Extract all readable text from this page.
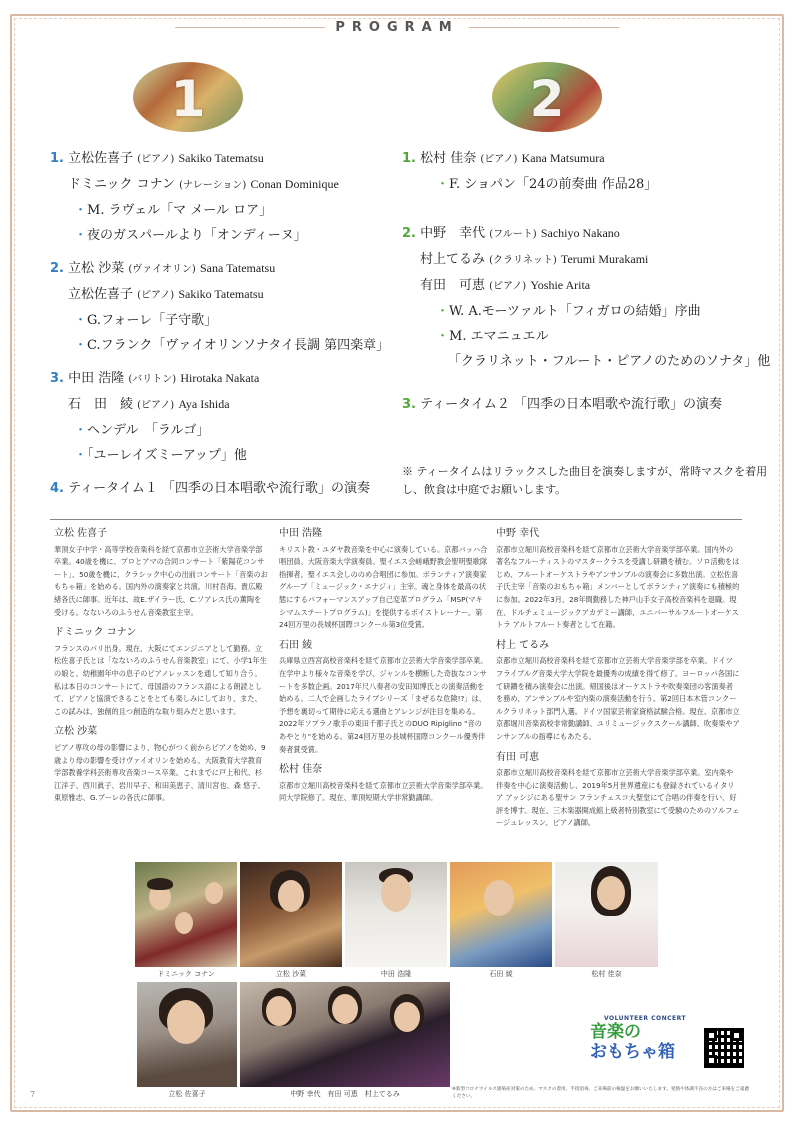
PROGRAM
1	2
1. 立松佐喜子 (ピアノ) Sakiko Tatematsu
ドミニック コナン (ナレーション) Conan Dominique
・M. ラヴェル「マ メール ロア」
・夜のガスパールより「オンディーヌ」
2. 立松 沙菜 (ヴァイオリン) Sana Tatematsu
立松佐喜子 (ピアノ) Sakiko Tatematsu
・G.フォーレ「子守歌」
・C.フランク「ヴァイオリンソナタイ長調 第四楽章」
3. 中田 浩隆 (バリトン) Hirotaka Nakata
石　田　綾 (ピアノ) Aya Ishida
・ヘンデル　「ラルゴ」
・「ユーレイズミーアップ」他
4. ティータイム１ 「四季の日本唱歌や流行歌」の演奏
1. 松村 佳奈 (ピアノ) Kana Matsumura
・F. ショパン「24の前奏曲 作品28」
2. 中野　幸代 (フルート) Sachiyo Nakano
村上てるみ (クラリネット) Terumi Murakami
有田　可恵 (ピアノ) Yoshie Arita
・W. A.モーツァルト「フィガロの結婚」序曲
・M. エマニュエル
「クラリネット・フルート・ピアノのためのソナタ」他
3. ティータイム２ 「四季の日本唱歌や流行歌」の演奏
※ ティータイムはリラックスした曲目を演奏しますが、常時マスクを着用し、飲食は中庭でお願いします。
立松 佐喜子

華頂女子中学・高等学校音楽科を経て京都市立芸術大学音楽学部卒業。40歳を機に、プロとアマの合同コンサート「紫陽花コンサート」、50歳を機に、クラシック中心の出前コンサート「音楽のおもちゃ箱」を始める。国内外の演奏家と共演。川村吾海、貴広殿緒各氏に師事。近年は、故E.ザイラー氏、C.ソアレス氏の薫陶を受ける。なないろのふうせん音楽教室主宰。

ドミニック コナン

フランスのパリ出身。現在、大阪にてエンジニアとして勤務。立松佐喜子氏とは「なないろのふうせん音楽教室」にて、小学1年生の娘と、幼稚園年中の息子のピアノレッスンを通して知り合う。私は本日のコンサートにて、母国語のフランス語による朗読として、ピアノと協演できることをとても楽しみにしており、また、この試みは、独創的且つ創造的な取り組みだと思います。

立松 沙菜

ピアノ専攻の母の影響により、物心がつく前からピアノを始め、9歳より母の影響を受けヴァイオリンを始める。大阪教育大学教育学部教養学科芸術専攻音楽コース卒業。これまでに戸上和代、杉江洋子、西川眞子、岩川早子、和田美恵子、清川宮也、森 悠子、東原雅志、G.ブーレの各氏に師事。

中田 浩隆

キリスト教・ユダヤ教音楽を中心に演奏している。京都バッハ合唱団員、大阪音楽大学演奏員、聖イエス会嵯峨野教会聖明聖歌隊指揮者。聖イエス会しののめ合唱団に参加。ボランティア演奏家グループ「ミュージック・エナジィ」主宰。魂と身体を最高の状態にするパフォーマンスアップ自己変革プログラム「MSP(マキシマムステートプログラム)」を提供するボイストレーナー。第24回万里の長城杯国際コンクール第3位受賞。

石田 綾

兵庫県立西宮高校音楽科を経て京都市立芸術大学音楽学部卒業。在学中より様々な音楽を学び、ジャンルを横断した奇抜なコンサートを多数企画。2017年尺八奏者の安田知博氏との演奏活動を始める。二人で企画したライブシリーズ「まぜるな危険!?」は、予想を裏切って期待に応える選曲とアレンジが注目を集める。2022年ソプラノ歌手の東田千都子氏とのDUO Ripiglino "音のあやとり"を始める。第24回万里の長城杯国際コンクール優秀伴奏者賞受賞。

松村 佳奈

京都市立堀川高校音楽科を経て京都市立芸術大学音楽学部卒業。同大学院修了。現在、華頂短期大学非常勤講師。

中野 幸代

京都市立堀川高校音楽科を経て京都市立芸術大学音楽学部卒業。国内外の著名なフルーティストのマスタークラスを受講し研鑽を積む。ソロ活動をはじめ、フルートオーケストラやアンサンブルの演奏会に多数出演。立松佐喜子氏主宰「音楽のおもちゃ箱」メンバーとしてボランティア演奏にも積極的に参加。2022年3月、28年間勤務した神戸山手女子高校音楽科を退職。現在、ドルチェミュージックアカデミー講師、ユニバーサルフルートオーケストラ アルトフルート奏者として在籍。

村上 てるみ

京都市立堀川高校音楽科を経て京都市立芸術大学音楽学部を卒業。ドイツ フライブルグ音楽大学大学院を最優秀の成績を得て修了。ヨーロッパ各国にて研鑽を積み演奏会に出演。帰国後はオーケストラや吹奏楽団の客演奏者を務め、アンサンブルや室内楽の演奏活動を行う。第2回日本木管コンクールクラリネット部門入選。ドイツ国家芸術家資格試験合格。現在、京都市立京都堀川音楽高校非常勤講師、ユリミュージックスクール講師、吹奏楽やアンサンブルの指導にもあたる。

有田 可恵

京都市立堀川高校音楽科を経て京都市立芸術大学音楽学部卒業。室内楽や伴奏を中心に演奏活動し、2019年5月世界遺産にも登録されているイタリア アッシジにある聖サン フランチェスコ大聖堂にて合唱の伴奏を行い、好評を博す。現在、三木楽器開成館上級者特別教室にて受験のためのソルフェージュレッスン、ピアノ講師。

ドミニック コナン	立松 沙菜	中田 浩隆	石田 綾	松村 佳奈
立松 佐喜子	中野 幸代　有田 可恵　村上てるみ
VOLUNTEER CONCERT
音楽の
おもちゃ箱
※新型コロナウイルス感染症対策のため、マスクの着用、手指消毒、ご来場前の検温をお願いいたします。発熱や体調不良の方はご来場をご遠慮ください。
7
